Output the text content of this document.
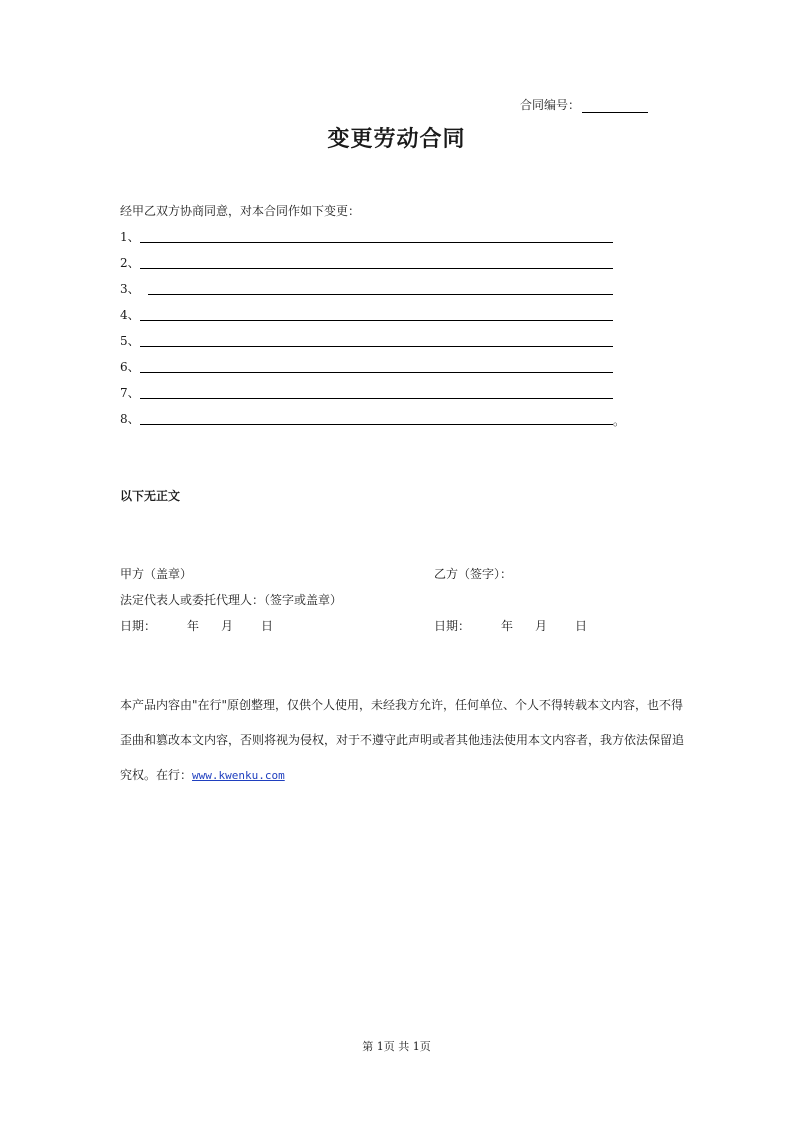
合同编号：
变更劳动合同
经甲乙双方协商同意，对本合同作如下变更：
1、
2、
3、
4、
5、
6、
7、
8、	。
以下无正文
甲方（盖章）	乙方（签字）：
法定代表人或委托代理人：（签字或盖章）
日期：	年 月 日	日期：	年 月 日
本产品内容由"在行"原创整理，仅供个人使用，未经我方允许，任何单位、个人不得转载本文内容，也不得歪曲和篡改本文内容，否则将视为侵权，对于不遵守此声明或者其他违法使用本文内容者，我方依法保留追究权。在行：www.kwenku.com
第 1页 共 1页
